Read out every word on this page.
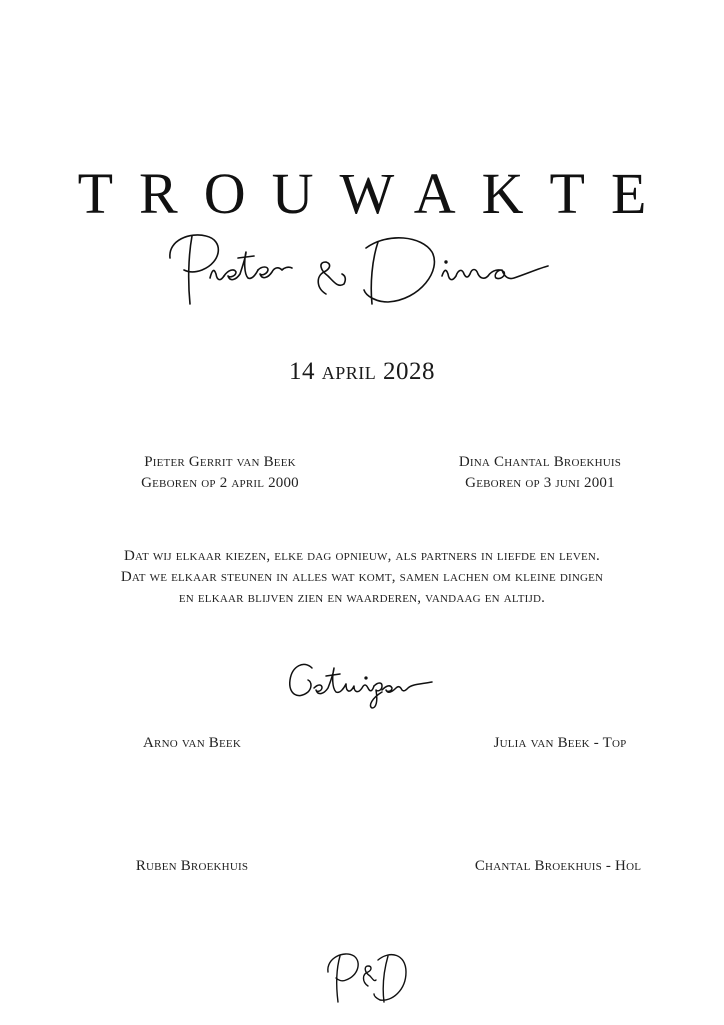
TROUWAKTE
14 april 2028
Pieter Gerrit van Beek
Geboren op 2 april 2000
Dina Chantal Broekhuis
Geboren op 3 juni 2001
Dat wij elkaar kiezen, elke dag opnieuw, als partners in liefde en leven.
Dat we elkaar steunen in alles wat komt, samen lachen om kleine dingen
en elkaar blijven zien en waarderen, vandaag en altijd.
Arno van Beek	Julia van Beek - Top
Ruben Broekhuis	Chantal Broekhuis - Hol
